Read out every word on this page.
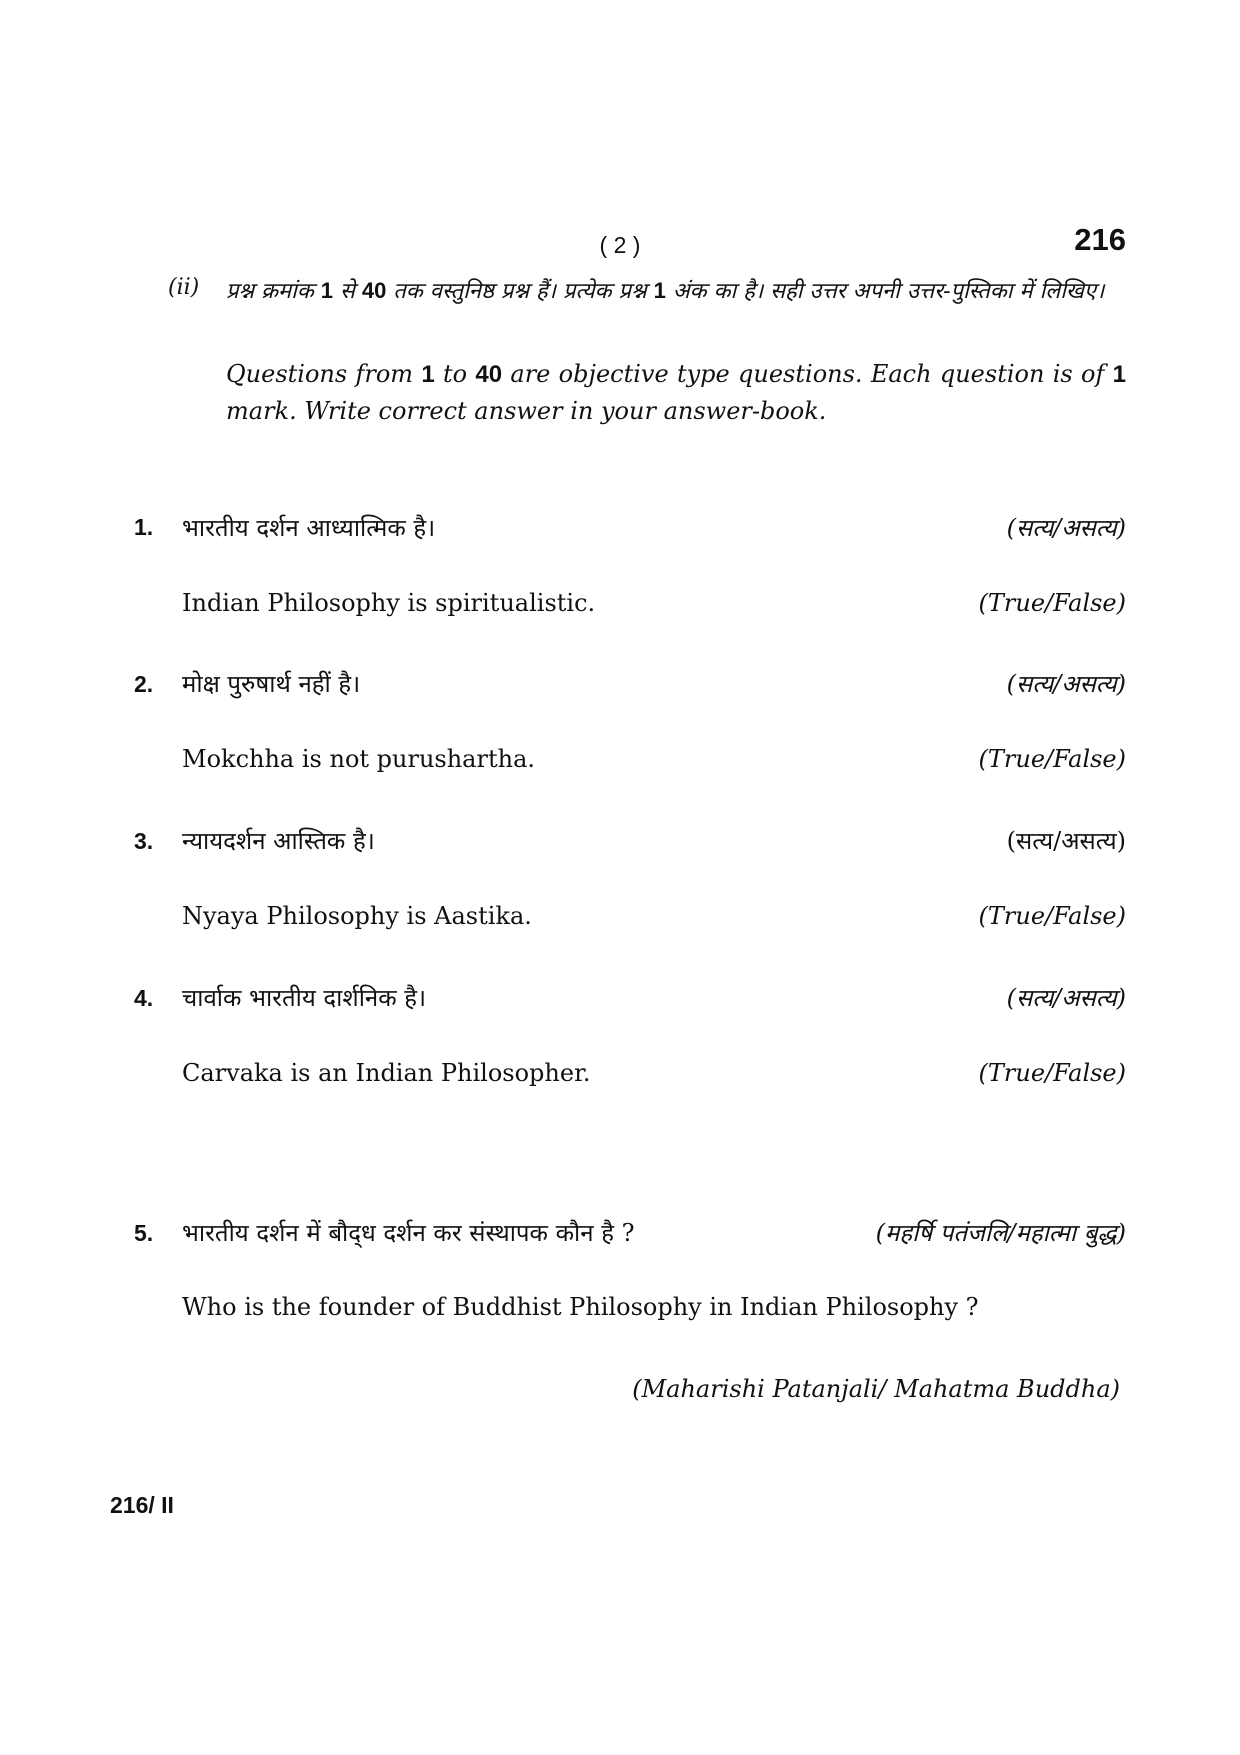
( 2 )	216
(ii) प्रश्न क्रमांक 1 से 40 तक वस्तुनिष्ठ प्रश्न हैं। प्रत्येक प्रश्न 1 अंक का है। सही उत्तर अपनी उत्तर-पुस्तिका में लिखिए।
Questions from 1 to 40 are objective type questions. Each question is of 1 mark. Write correct answer in your answer-book.
1. भारतीय दर्शन आध्यात्मिक है।	(सत्य/असत्य)
Indian Philosophy is spiritualistic.	(True/False)
2. मोक्ष पुरुषार्थ नहीं है।	(सत्य/असत्य)
Mokchha is not purushartha.	(True/False)
3. न्यायदर्शन आस्तिक है।	(सत्य/असत्य)
Nyaya Philosophy is Aastika.	(True/False)
4. चार्वाक भारतीय दार्शनिक है।	(सत्य/असत्य)
Carvaka is an Indian Philosopher.	(True/False)
5. भारतीय दर्शन में बौद्‌ध दर्शन कर संस्थापक कौन है ?	(महर्षि पतंजलि/महात्मा बुद्ध)
Who is the founder of Buddhist Philosophy in Indian Philosophy ?
(Maharishi Patanjali/ Mahatma Buddha)
216/ II
